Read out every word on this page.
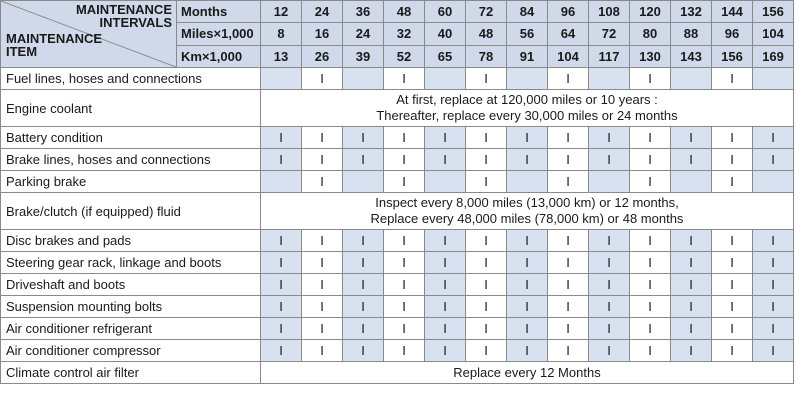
MAINTENANCE
INTERVALS
MAINTENANCE
ITEM	Months	12	24	36	48	60	72	84	96	108	120	132	144	156
	Miles×1,000	8	16	24	32	40	48	56	64	72	80	88	96	104
	Km×1,000	13	26	39	52	65	78	91	104	117	130	143	156	169
Fuel lines, hoses and connections			I		I		I		I		I		I	
Engine coolant		At first, replace at 120,000 miles or 10 years :
Thereafter, replace every 30,000 miles or 24 months												

Battery condition		I	I	I	I	I	I	I	I	I	I	I	I	I
Brake lines, hoses and connections		I	I	I	I	I	I	I	I	I	I	I	I	I
Parking brake			I		I		I		I		I		I	
Brake/clutch (if equipped) fluid		Inspect every 8,000 miles (13,000 km) or 12 months,
Replace every 48,000 miles (78,000 km) or 48 months												

Disc brakes and pads		I	I	I	I	I	I	I	I	I	I	I	I	I
Steering gear rack, linkage and boots		I	I	I	I	I	I	I	I	I	I	I	I	I
Driveshaft and boots		I	I	I	I	I	I	I	I	I	I	I	I	I
Suspension mounting bolts		I	I	I	I	I	I	I	I	I	I	I	I	I
Air conditioner refrigerant		I	I	I	I	I	I	I	I	I	I	I	I	I
Air conditioner compressor		I	I	I	I	I	I	I	I	I	I	I	I	I
Climate control air filter		Replace every 12 Months												
